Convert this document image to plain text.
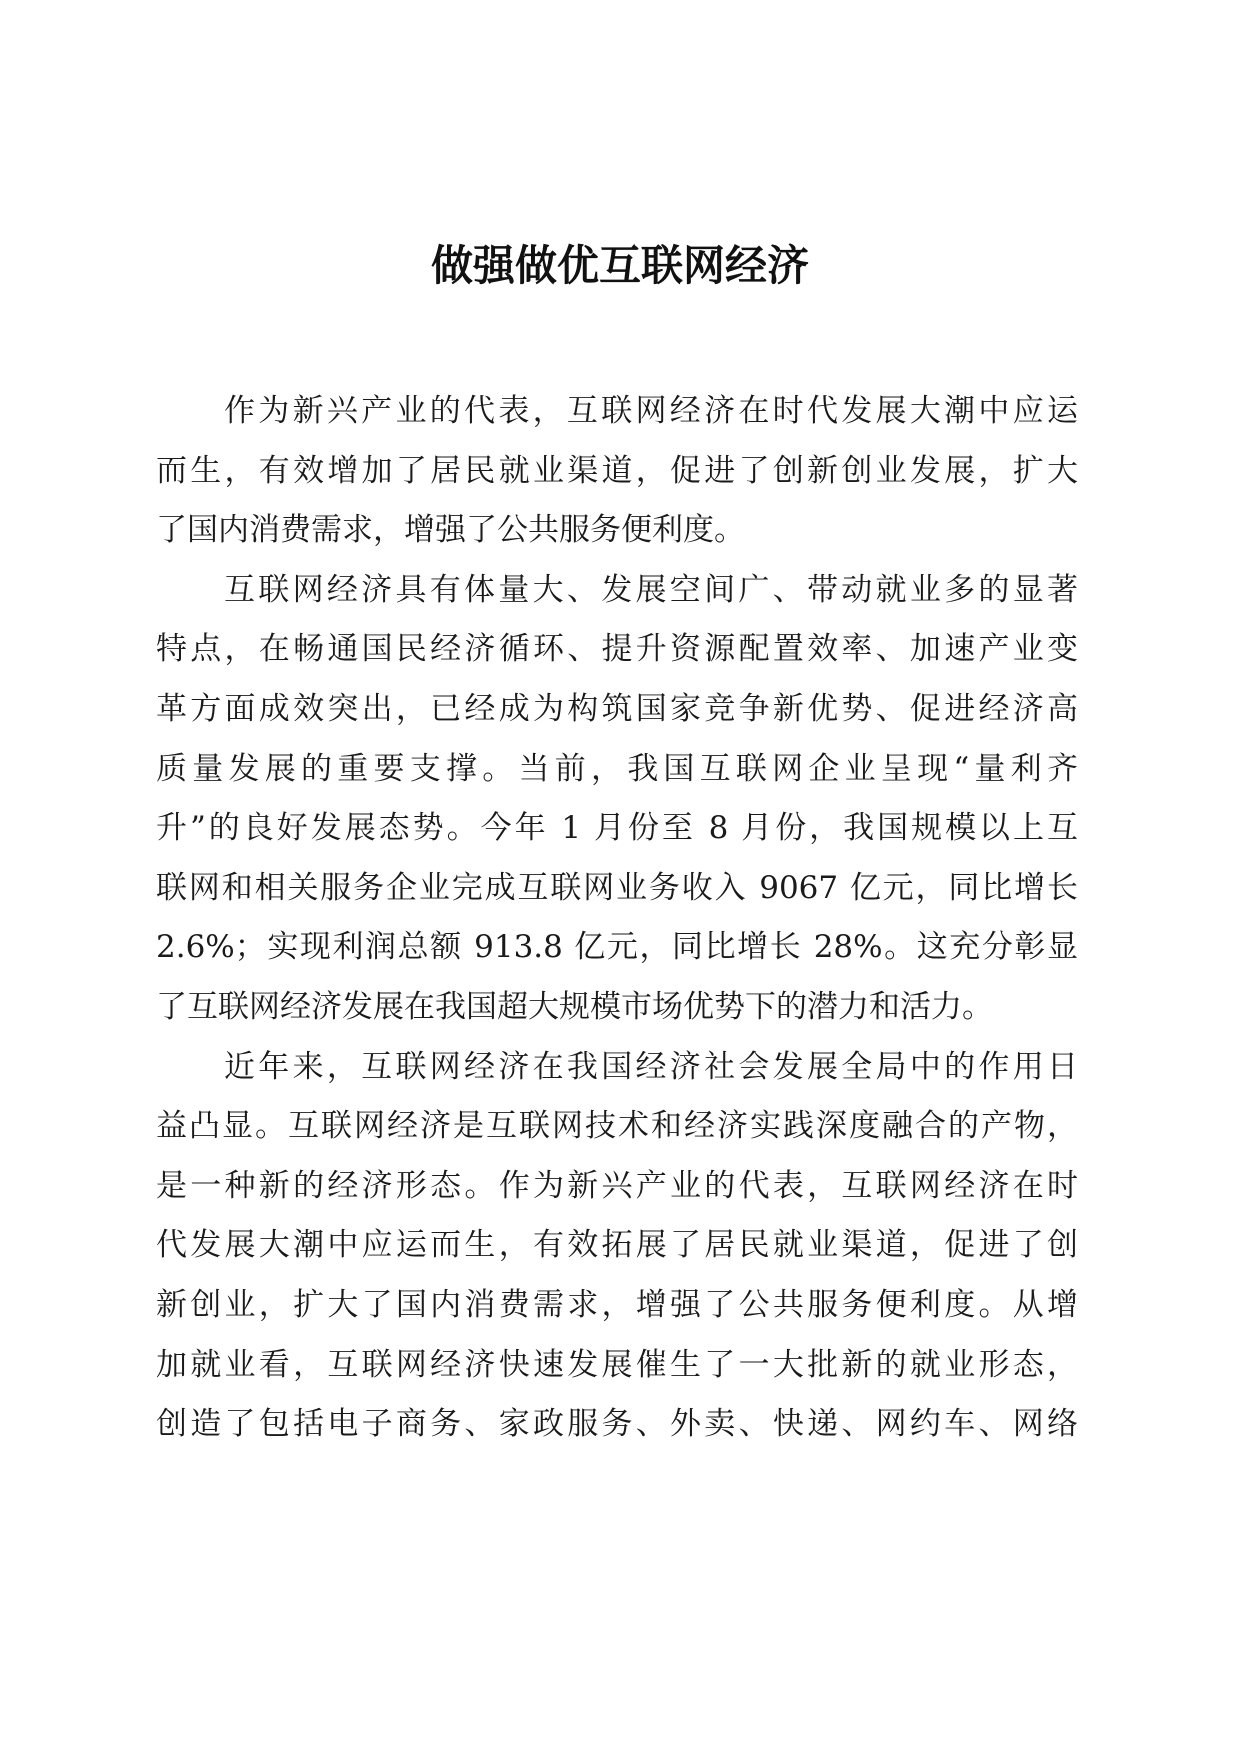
做强做优互联网经济

作为新兴产业的代表，互联网经济在时代发展大潮中应运
而生，有效增加了居民就业渠道，促进了创新创业发展，扩大
了国内消费需求，增强了公共服务便利度。

互联网经济具有体量大、发展空间广、带动就业多的显著
特点，在畅通国民经济循环、提升资源配置效率、加速产业变
革方面成效突出，已经成为构筑国家竞争新优势、促进经济高
质量发展的重要支撑。当前，我国互联网企业呈现“量利齐
升”的良好发展态势。今年 1 月份至 8 月份，我国规模以上互
联网和相关服务企业完成互联网业务收入 9067 亿元，同比增长
2.6%；实现利润总额 913.8 亿元，同比增长 28%。这充分彰显
了互联网经济发展在我国超大规模市场优势下的潜力和活力。

近年来，互联网经济在我国经济社会发展全局中的作用日
益凸显。互联网经济是互联网技术和经济实践深度融合的产物，
是一种新的经济形态。作为新兴产业的代表，互联网经济在时
代发展大潮中应运而生，有效拓展了居民就业渠道，促进了创
新创业，扩大了国内消费需求，增强了公共服务便利度。从增
加就业看，互联网经济快速发展催生了一大批新的就业形态，
创造了包括电子商务、家政服务、外卖、快递、网约车、网络
